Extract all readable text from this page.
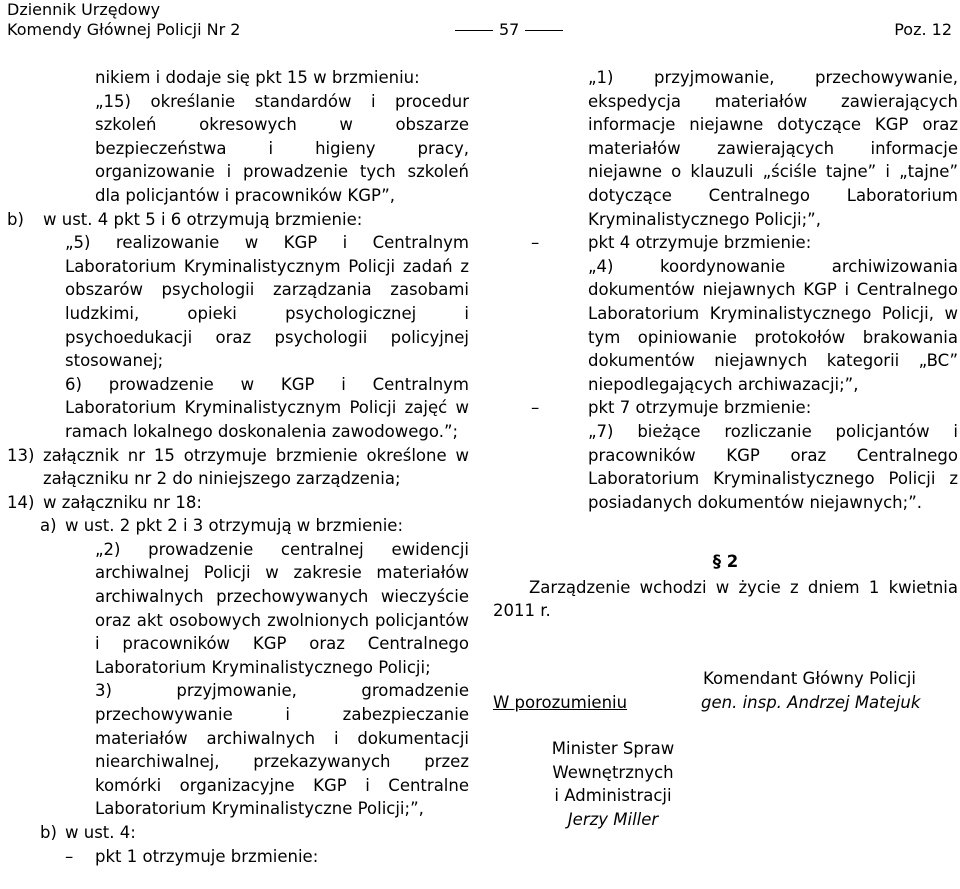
Dziennik Urzędowy
Komendy Głównej Policji Nr 2	57	Poz. 12
nikiem i dodaje się pkt 15 w brzmieniu:
„15) określanie standardów i procedur szkoleń okresowych w obszarze bezpieczeństwa i higieny pracy, organizowanie i prowadzenie tych szkoleń dla policjantów i pracowników KGP”,
b) w ust. 4 pkt 5 i 6 otrzymują brzmienie:
„5) realizowanie w KGP i Centralnym Laboratorium Kryminalistycznym Policji zadań z obszarów psychologii zarządzania zasobami ludzkimi, opieki psychologicznej i psychoedukacji oraz psychologii policyjnej stosowanej;
6) prowadzenie w KGP i Centralnym Laboratorium Kryminalistycznym Policji zajęć w ramach lokalnego doskonalenia zawodowego.”;
13) załącznik nr 15 otrzymuje brzmienie określone w załączniku nr 2 do niniejszego zarządzenia;
14) w załączniku nr 18:
a) w ust. 2 pkt 2 i 3 otrzymują w brzmienie:
„2) prowadzenie centralnej ewidencji archiwalnej Policji w zakresie materiałów archiwalnych przechowywanych wieczyście oraz akt osobowych zwolnionych policjantów i pracowników KGP oraz Centralnego Laboratorium Kryminalistycznego Policji;
3) przyjmowanie, gromadzenie przechowywanie i zabezpieczanie materiałów archiwalnych i dokumentacji niearchiwalnej, przekazywanych przez komórki organizacyjne KGP i Centralne Laboratorium Kryminalistyczne Policji;”,
b) w ust. 4:
– pkt 1 otrzymuje brzmienie:
„1) przyjmowanie, przechowywanie, ekspedycja materiałów zawierających informacje niejawne dotyczące KGP oraz materiałów zawierających informacje niejawne o klauzuli „ściśle tajne” i „tajne” dotyczące Centralnego Laboratorium Kryminalistycznego Policji;”,
–	pkt 4 otrzymuje brzmienie:
„4) koordynowanie archiwizowania dokumentów niejawnych KGP i Centralnego Laboratorium Kryminalistycznego Policji, w tym opiniowanie protokołów brakowania dokumentów niejawnych kategorii „BC” niepodlegających archiwazacji;”,
–	pkt 7 otrzymuje brzmienie:
„7) bieżące rozliczanie policjantów i pracowników KGP oraz Centralnego Laboratorium Kryminalistycznego Policji z posiadanych dokumentów niejawnych;”.
§ 2
Zarządzenie wchodzi w życie z dniem 1 kwietnia 2011 r.
Komendant Główny Policji
W porozumieniu	gen. insp. Andrzej Matejuk
Minister Spraw Wewnętrznych
i Administracji
Jerzy Miller
